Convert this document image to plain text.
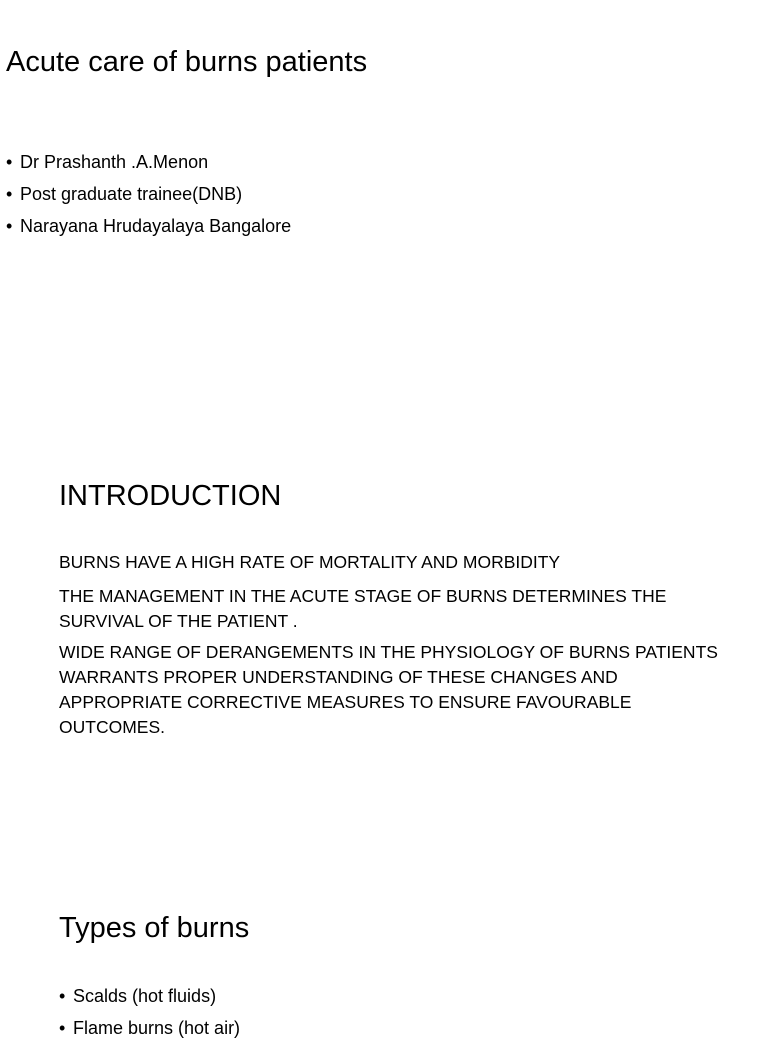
Acute care of burns patients
• Dr Prashanth .A.Menon
• Post graduate trainee(DNB)
• Narayana Hrudayalaya Bangalore
INTRODUCTION

BURNS HAVE A HIGH RATE OF MORTALITY AND MORBIDITY

THE MANAGEMENT IN THE ACUTE STAGE OF BURNS DETERMINES THE SURVIVAL OF THE PATIENT .

WIDE RANGE OF DERANGEMENTS IN THE PHYSIOLOGY OF BURNS PATIENTS WARRANTS PROPER UNDERSTANDING OF THESE CHANGES AND APPROPRIATE CORRECTIVE MEASURES TO ENSURE FAVOURABLE OUTCOMES.

Types of burns
• Scalds (hot fluids)
• Flame burns (hot air)
